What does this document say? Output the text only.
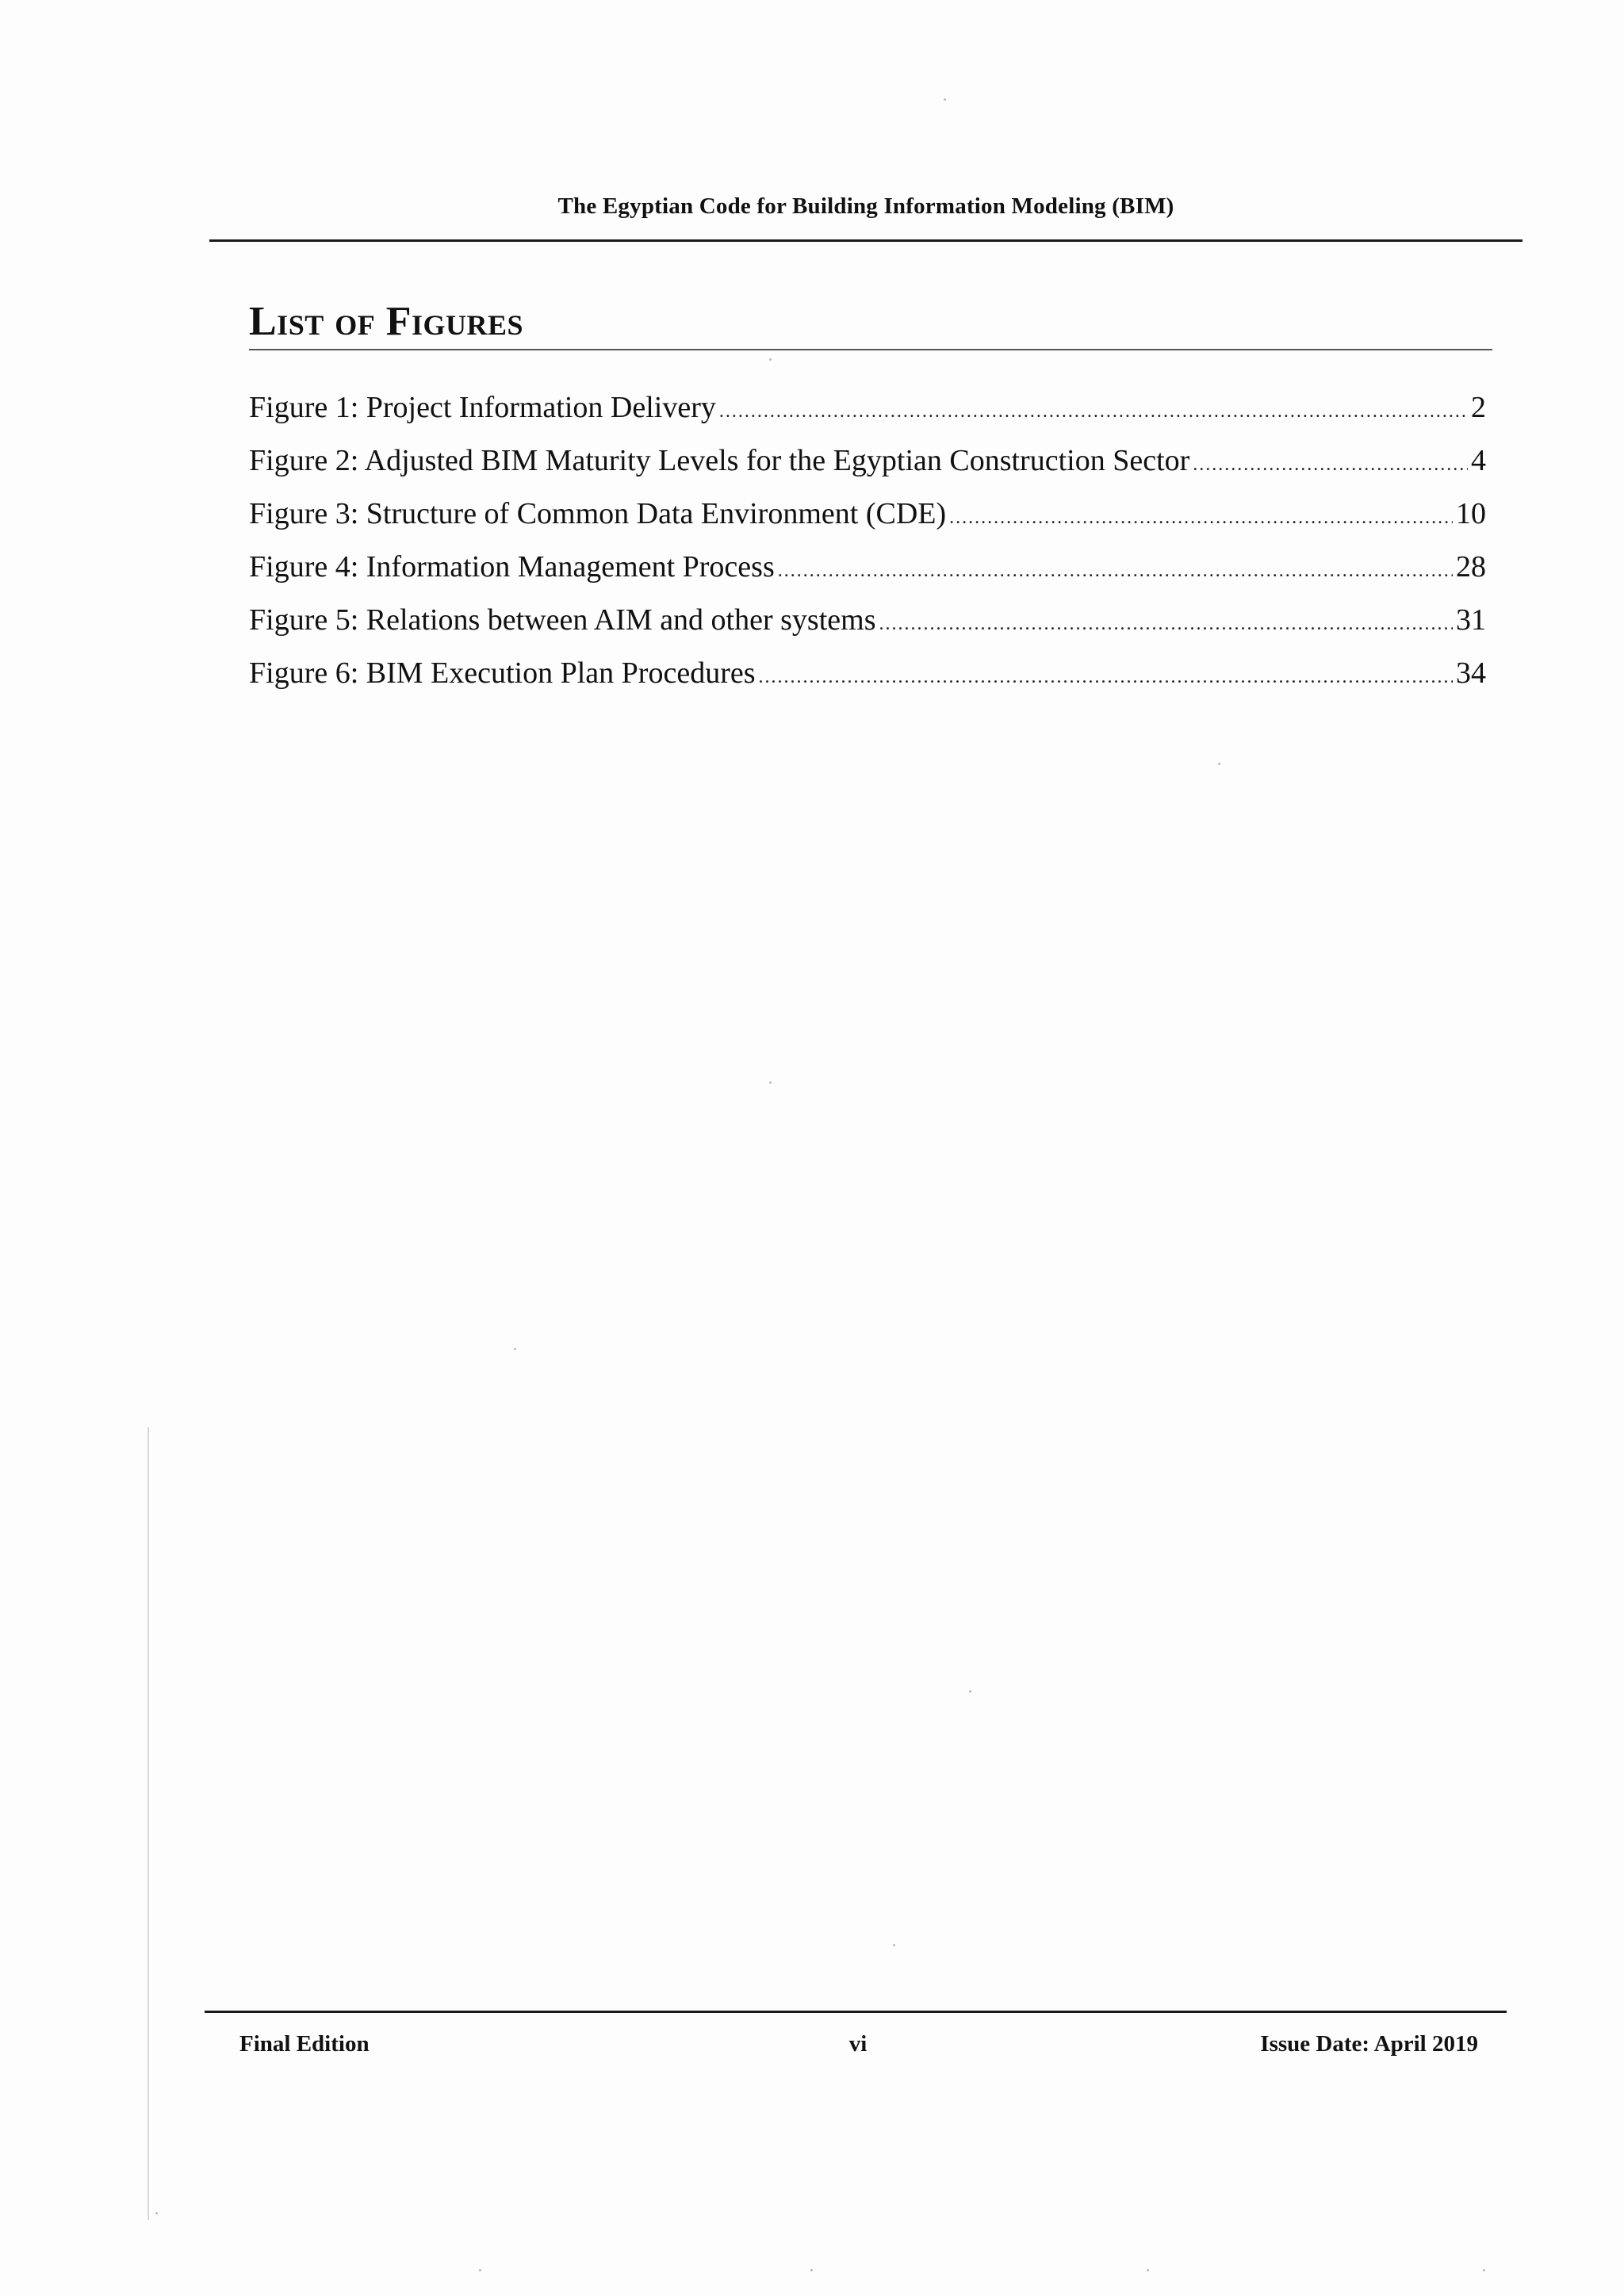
The Egyptian Code for Building Information Modeling (BIM)
List of Figures
Figure 1: Project Information Delivery .....	2
Figure 2: Adjusted BIM Maturity Levels for the Egyptian Construction Sector .....	4
Figure 3: Structure of Common Data Environment (CDE) .....	10
Figure 4: Information Management Process .....	28
Figure 5: Relations between AIM and other systems .....	31
Figure 6: BIM Execution Plan Procedures .....	34
Final Edition	vi	Issue Date: April 2019
